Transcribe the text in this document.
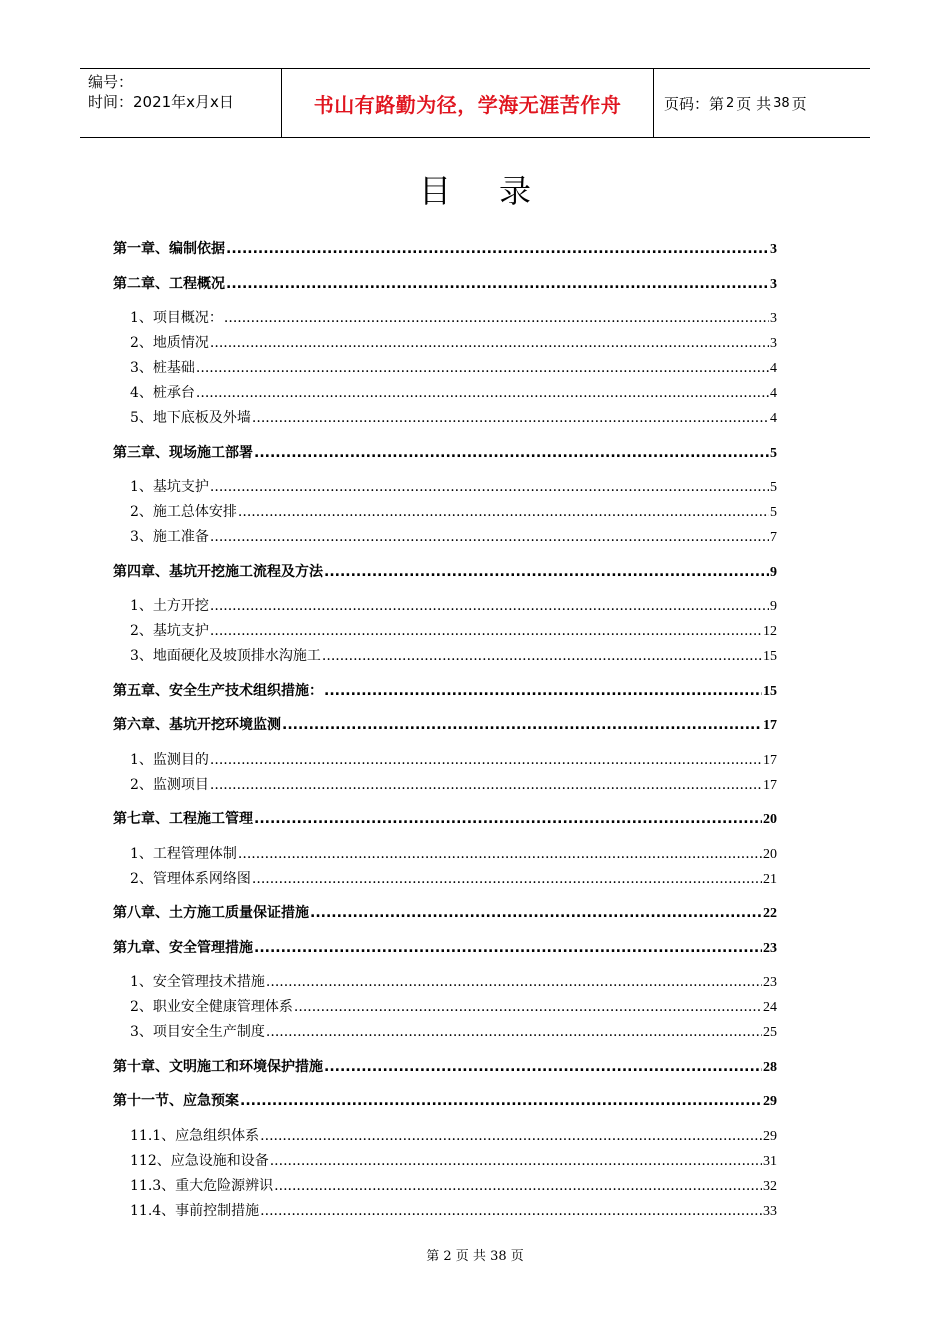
编号：
时间：2021年x月x日	书山有路勤为径，学海无涯苦作舟	页码：第 2 页 共 38 页
目录
第一章、编制依据 .....	3
第二章、工程概况 .....	3
1、项目概况： .....	3
2、地质情况 .....	3
3、桩基础 .....	4
4、桩承台 .....	4
5、地下底板及外墙 .....	4
第三章、现场施工部署 .....	5
1、基坑支护 .....	5
2、施工总体安排 .....	5
3、施工准备 .....	7
第四章、基坑开挖施工流程及方法 .....	9
1、土方开挖 .....	9
2、基坑支护 .....	12
3、地面硬化及坡顶排水沟施工 .....	15
第五章、安全生产技术组织措施： .....	15
第六章、基坑开挖环境监测 .....	17
1、监测目的 .....	17
2、监测项目 .....	17
第七章、工程施工管理 .....	20
1、工程管理体制 .....	20
2、管理体系网络图 .....	21
第八章、土方施工质量保证措施 .....	22
第九章、安全管理措施 .....	23
1、安全管理技术措施 .....	23
2、职业安全健康管理体系 .....	24
3、项目安全生产制度 .....	25
第十章、文明施工和环境保护措施 .....	28
第十一节、应急预案 .....	29
11.1、应急组织体系 .....	29
112、应急设施和设备 .....	31
11.3、重大危险源辨识 .....	32
11.4、事前控制措施 .....	33
第 2 页 共 38 页
